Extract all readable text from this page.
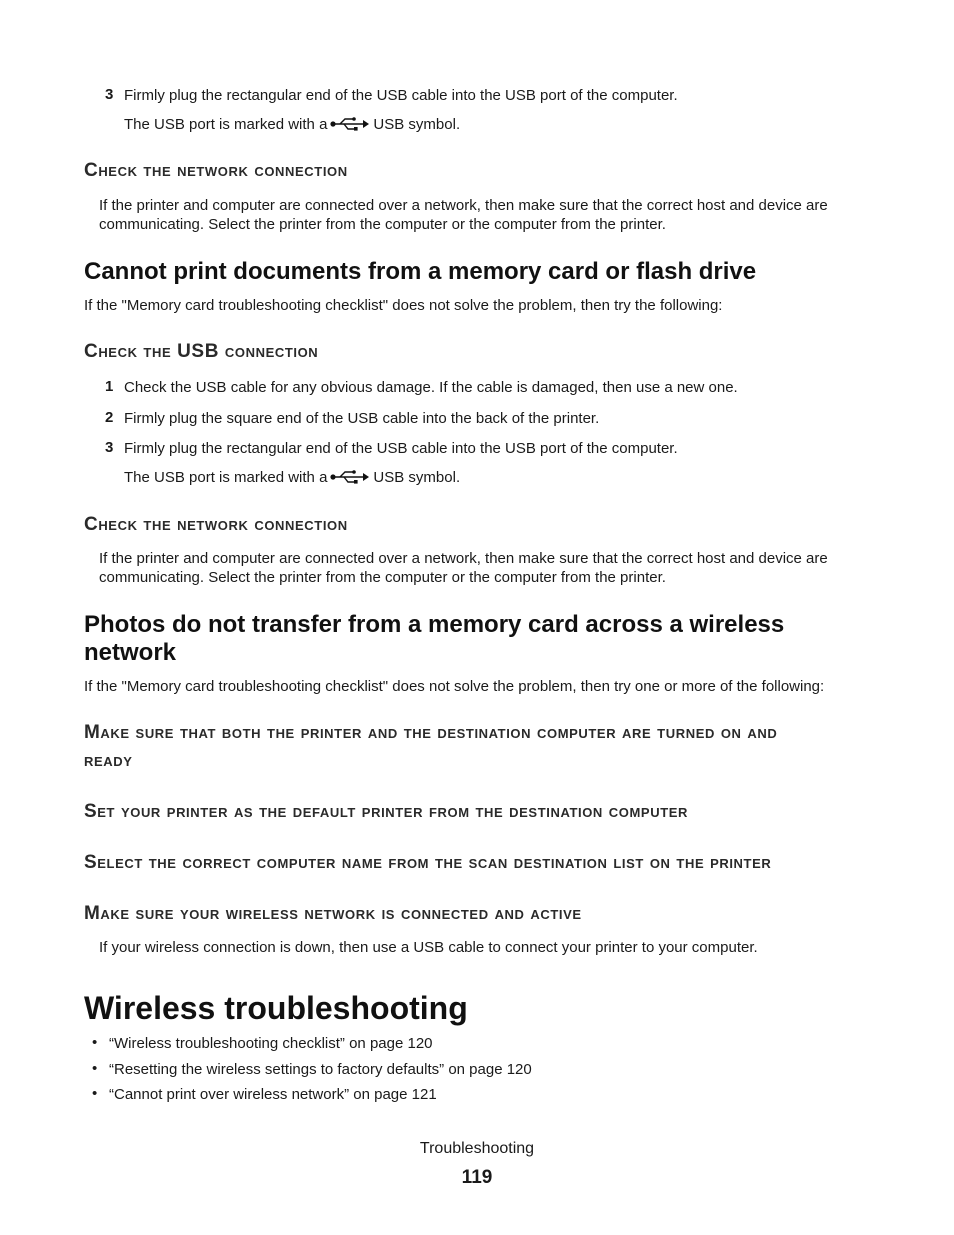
3 Firmly plug the rectangular end of the USB cable into the USB port of the computer.
The USB port is marked with a	USB symbol.
Check the network connection
If the printer and computer are connected over a network, then make sure that the correct host and device are
communicating. Select the printer from the computer or the computer from the printer.
Cannot print documents from a memory card or flash drive
If the "Memory card troubleshooting checklist" does not solve the problem, then try the following:
Check the USB connection
1 Check the USB cable for any obvious damage. If the cable is damaged, then use a new one.
2 Firmly plug the square end of the USB cable into the back of the printer.
3 Firmly plug the rectangular end of the USB cable into the USB port of the computer.
The USB port is marked with a	USB symbol.
Check the network connection
If the printer and computer are connected over a network, then make sure that the correct host and device are
communicating. Select the printer from the computer or the computer from the printer.
Photos do not transfer from a memory card across a wireless
network
If the "Memory card troubleshooting checklist" does not solve the problem, then try one or more of the following:
Make sure that both the printer and the destination computer are turned on and
ready
Set your printer as the default printer from the destination computer
Select the correct computer name from the scan destination list on the printer
Make sure your wireless network is connected and active
If your wireless connection is down, then use a USB cable to connect your printer to your computer.
Wireless troubleshooting
• “Wireless troubleshooting checklist” on page 120
• “Resetting the wireless settings to factory defaults” on page 120
• “Cannot print over wireless network” on page 121
Troubleshooting
119
